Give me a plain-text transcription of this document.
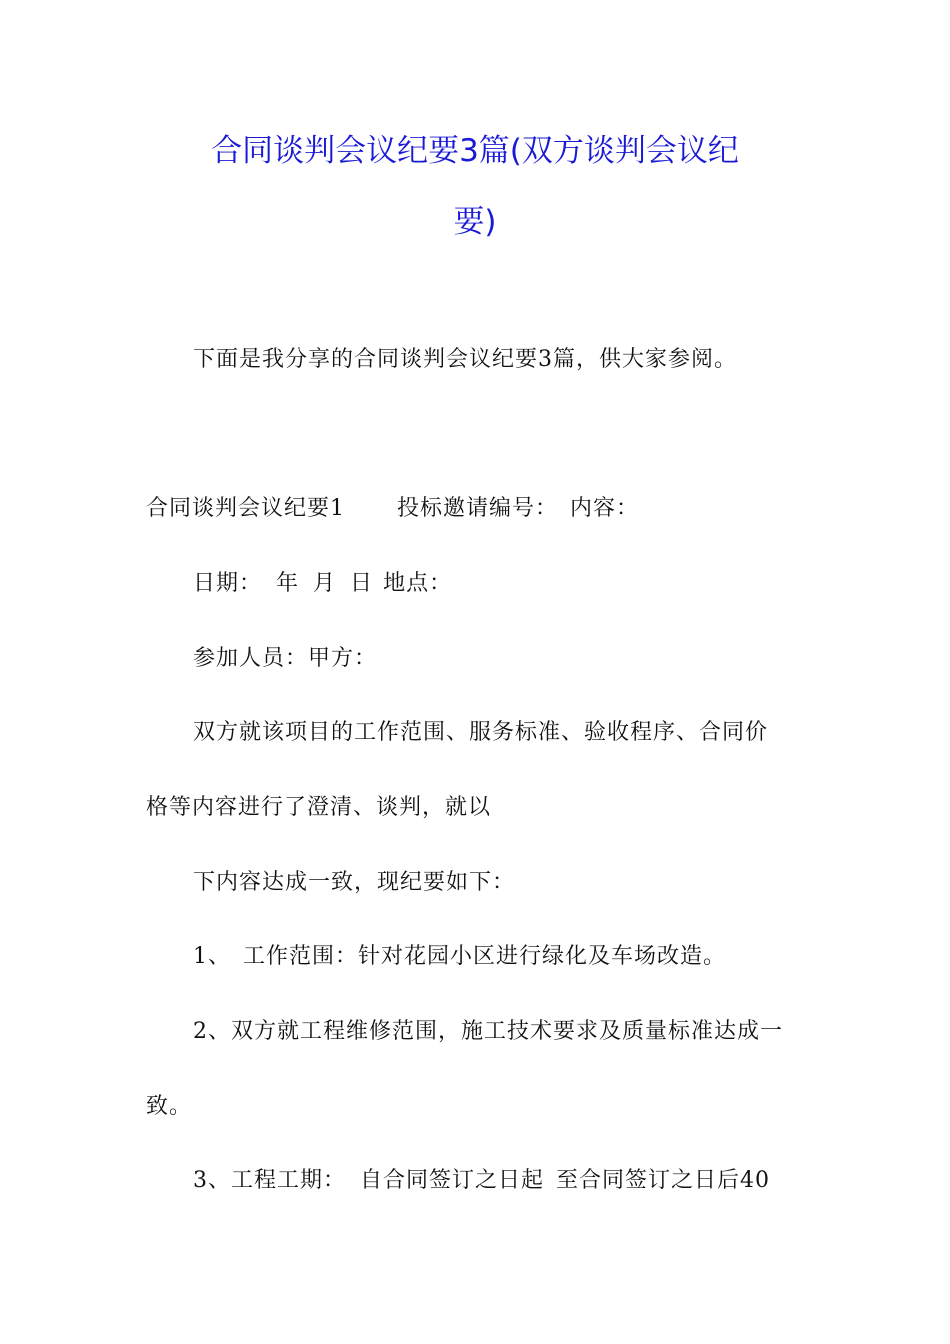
合同谈判会议纪要3篇(双方谈判会议纪
要)
下面是我分享的合同谈判会议纪要3篇，供大家参阅。
合同谈判会议纪要1 投标邀请编号： 内容：
日期： 年 月 日 地点：
参加人员：甲方：
双方就该项目的工作范围、服务标准、验收程序、合同价
格等内容进行了澄清、谈判，就以
下内容达成一致，现纪要如下：
1、 工作范围：针对花园小区进行绿化及车场改造。
2、双方就工程维修范围，施工技术要求及质量标准达成一
致。
3、工程工期： 自合同签订之日起 至合同签订之日后40
